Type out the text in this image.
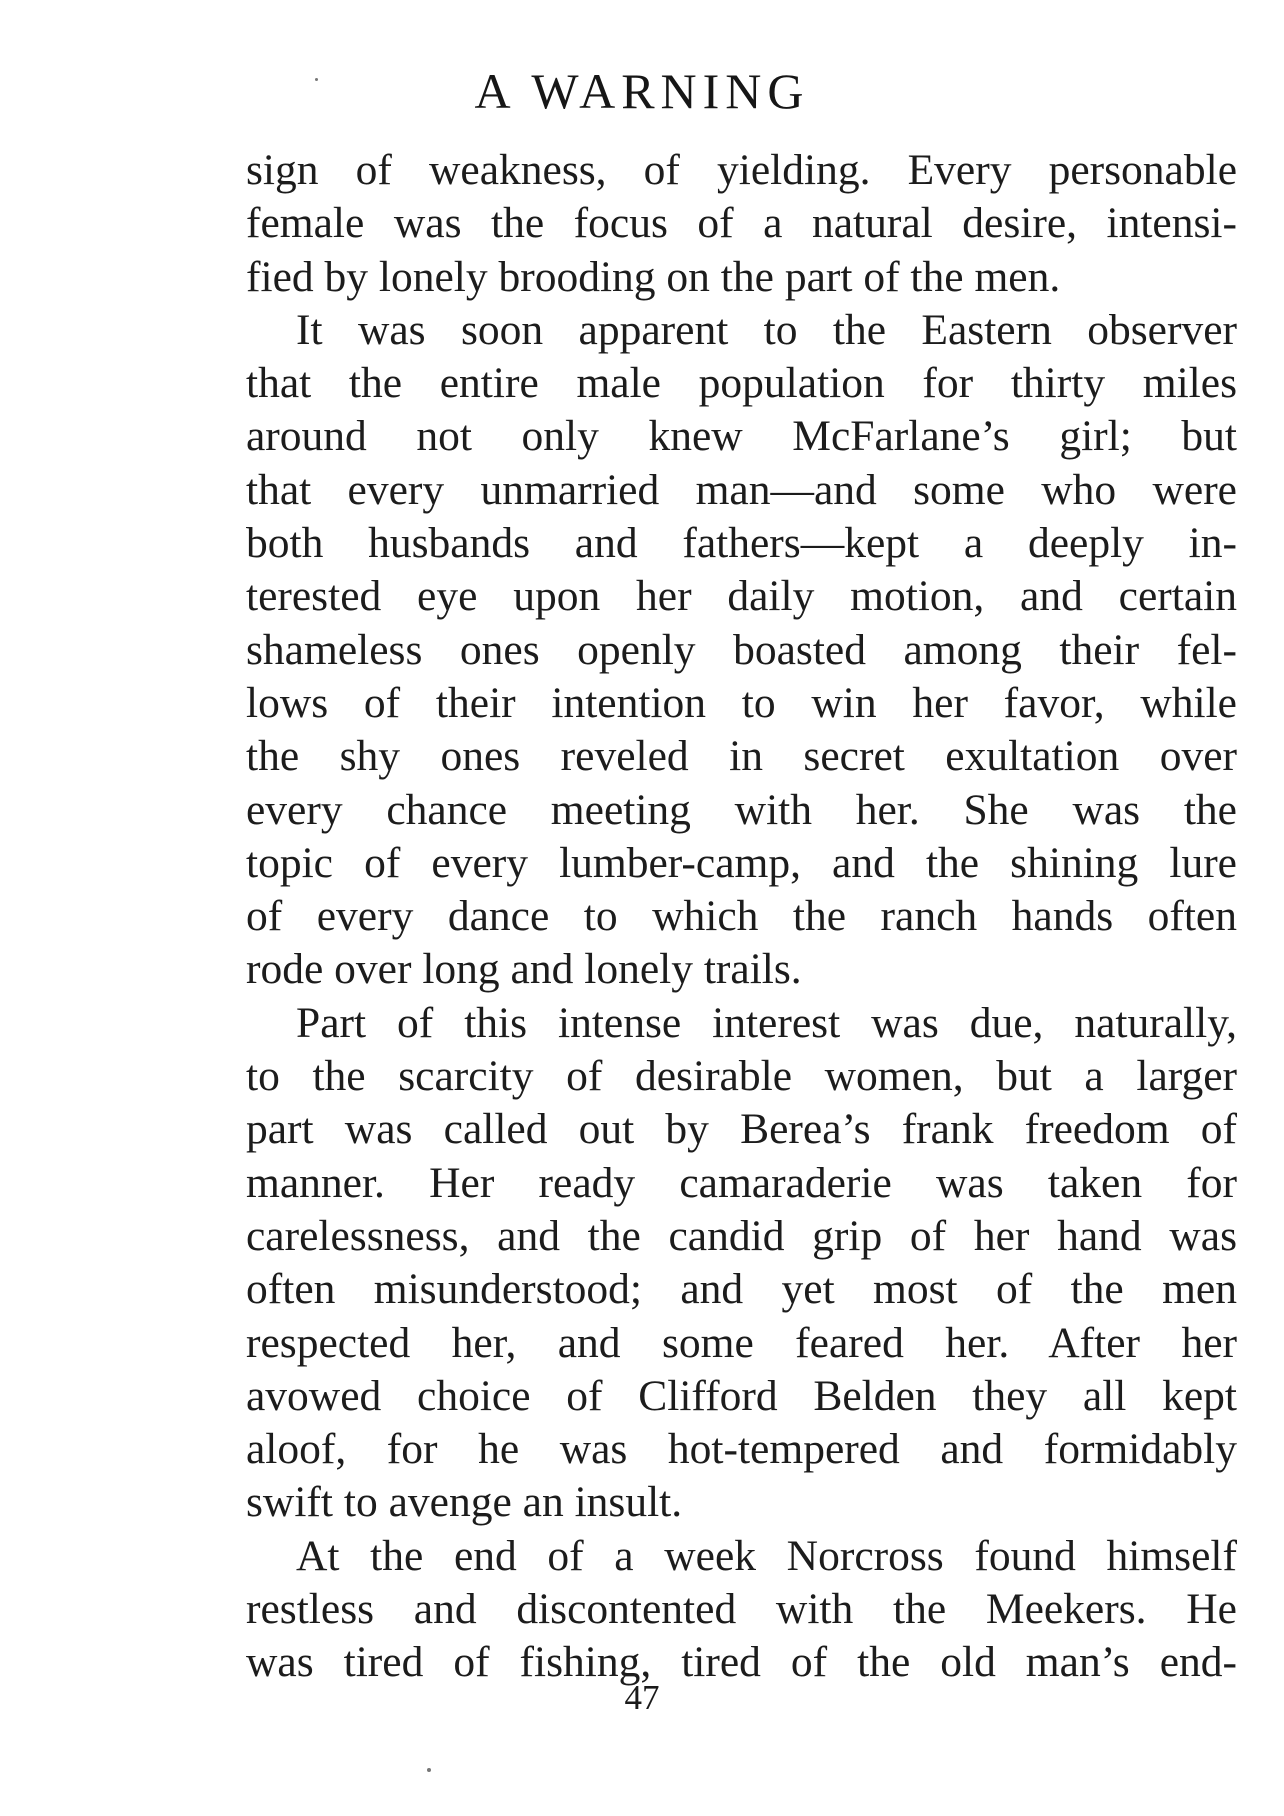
A WARNING
sign of weakness, of yielding. Every personable
female was the focus of a natural desire, intensi-
fied by lonely brooding on the part of the men.
It was soon apparent to the Eastern observer
that the entire male population for thirty miles
around not only knew McFarlane’s girl; but
that every unmarried man—and some who were
both husbands and fathers—kept a deeply in-
terested eye upon her daily motion, and certain
shameless ones openly boasted among their fel-
lows of their intention to win her favor, while
the shy ones reveled in secret exultation over
every chance meeting with her. She was the
topic of every lumber-camp, and the shining lure
of every dance to which the ranch hands often
rode over long and lonely trails.
Part of this intense interest was due, naturally,
to the scarcity of desirable women, but a larger
part was called out by Berea’s frank freedom of
manner. Her ready camaraderie was taken for
carelessness, and the candid grip of her hand was
often misunderstood; and yet most of the men
respected her, and some feared her. After her
avowed choice of Clifford Belden they all kept
aloof, for he was hot-tempered and formidably
swift to avenge an insult.
At the end of a week Norcross found himself
restless and discontented with the Meekers. He
was tired of fishing, tired of the old man’s end-
47
